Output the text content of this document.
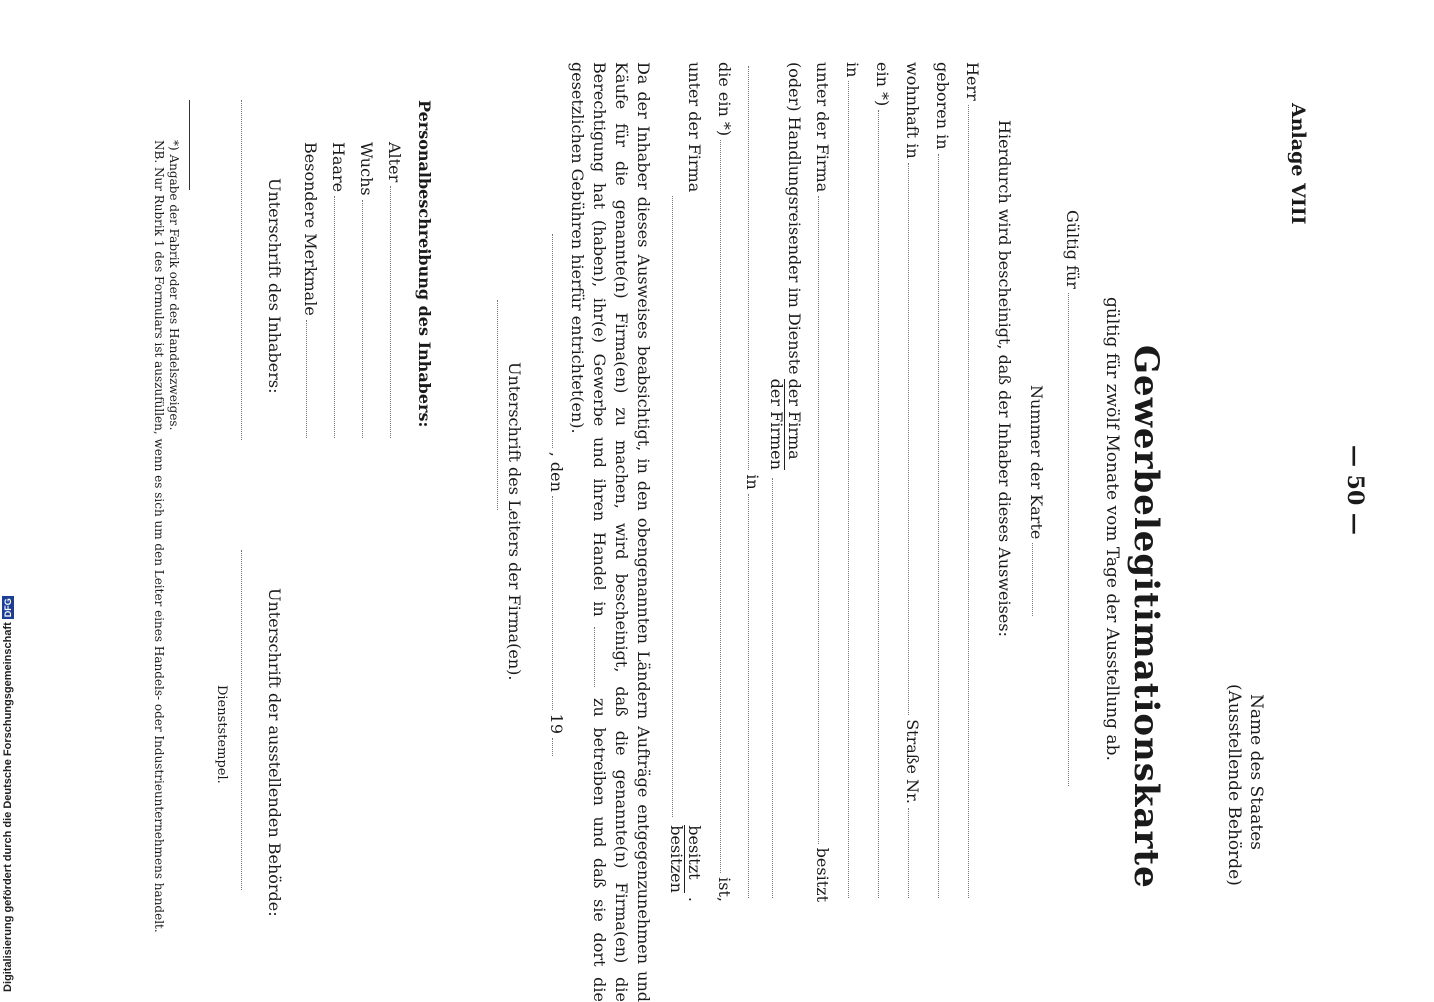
Anlage VIII
— 50 —
Name des Staates
(Ausstellende Behörde)
Gewerbelegitimationskarte
gültig für zwölf Monate vom Tage der Ausstellung ab.
Gültig für
Nummer der Karte
Hierdurch wird bescheinigt, daß der Inhaber dieses Ausweises:
Herr
geboren in
wohnhaft in
Straße Nr.
ein *)
in
unter der Firma
besitzt
(oder) Handlungsreisender im Dienste
der Firma
der Firmen
in
die ein *)
ist,
unter der Firma
besitzt
besitzen
.
Da der Inhaber dieses Ausweises beabsichtigt, in den obengenannten Ländern Aufträge entgegenzunehmen und Käufe für die genannte(n) Firma(en) zu machen, wird bescheinigt, daß die genannte(n) Firma(en) die Berechtigung hat (haben), ihr(e) Gewerbe und ihren Handel in  zu betreiben und daß sie dort die gesetzlichen Gebühren hierfür entrichtet(en).
, den
19
Unterschrift des Leiters der Firma(en).
Personalbeschreibung des Inhabers:
Alter
Wuchs
Haare
Besondere Merkmale
Unterschrift des Inhabers:
Unterschrift der ausstellenden Behörde:
Dienststempel.
*) Angabe der Fabrik oder des Handelszweiges.
NB. Nur Rubrik 1 des Formulars ist auszufüllen, wenn es sich um den Leiter eines Handels- oder Industrieunternehmens handelt.
Digitalisierung gefördert durch die Deutsche Forschungsgemeinschaft
DFG
